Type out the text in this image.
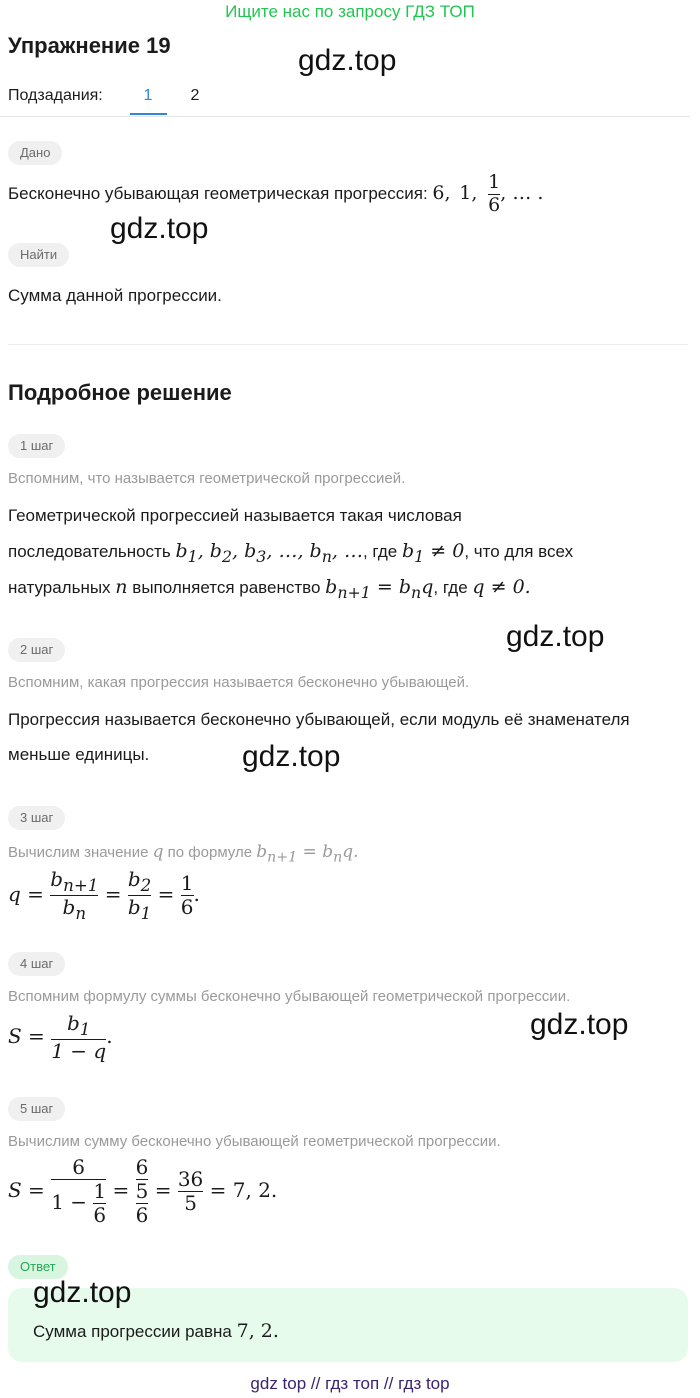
Ищите нас по запросу ГДЗ ТОП
Упражнение 19	gdz.top
Подзадания:	1	2
Дано
Бесконечно убывающая геометрическая прогрессия: 6, 1, $\frac{1}{6}$ , … .
gdz.top
Найти
Сумма данной прогрессии.
Подробное решение
1 шаг
Вспомним, что называется геометрической прогрессией.
Геометрической прогрессией называется такая числовая
последовательность $b_1$, $b_2$, $b_3$, …, $b_n$, …, где $b_1 \ne 0$, что для всех
натуральных n выполняется равенство $b_{n+1} = b_nq$, где q ≠ 0.
gdz.top
2 шаг
Вспомним, какая прогрессия называется бесконечно убывающей.
Прогрессия называется бесконечно убывающей, если модуль её знаменателя
меньше единицы.	gdz.top
3 шаг
Вычислим значение q по формуле $b_{n+1} = b_nq$.
$q = \frac{b_{n+1}}{b_n} = \frac{b_2}{b_1} = \frac{1}{6}$ .
4 шаг
Вспомним формулу суммы бесконечно убывающей геометрической прогрессии.
gdz.top
$S = \frac{b_1}{1 - q}$ .
5 шаг
Вычислим сумму бесконечно убывающей геометрической прогрессии.
$S = \frac{6}{1 - \frac{1}{6}} = \frac{6}{\frac{5}{6}} = \frac{36}{5} = 7$, 2.
Ответ
gdz.top
Сумма прогрессии равна 7, 2.
gdz top // гдз топ // гдз top
